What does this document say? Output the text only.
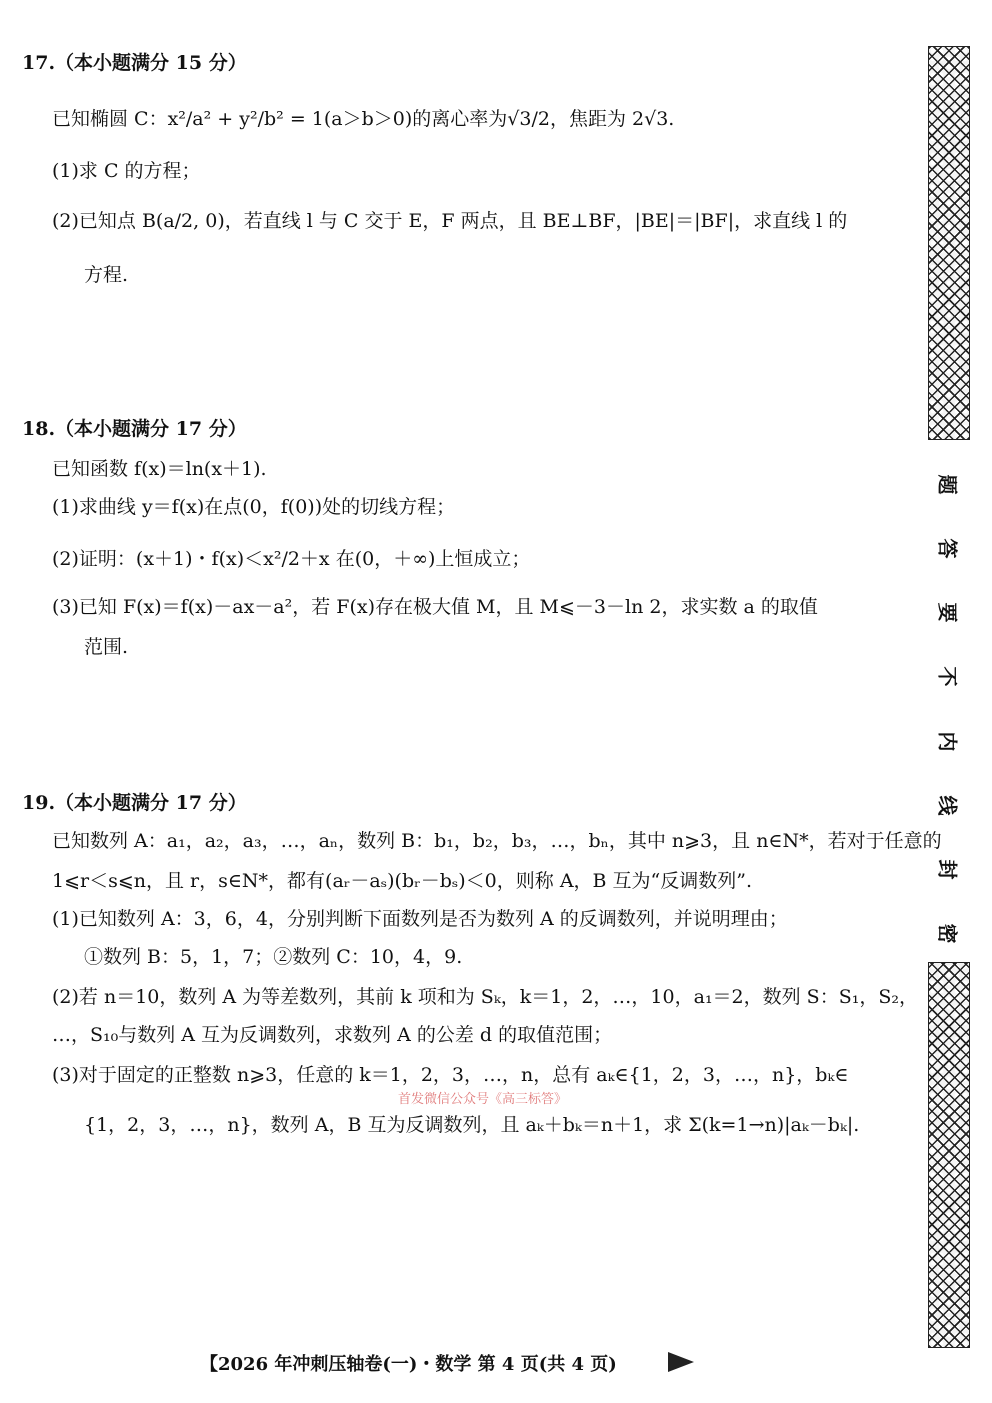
17.（本小题满分 15 分）
已知椭圆 C：x²/a² + y²/b² = 1(a＞b＞0)的离心率为√3/2，焦距为 2√3.
(1)求 C 的方程；
(2)已知点 B(a/2, 0)，若直线 l 与 C 交于 E，F 两点，且 BE⊥BF，|BE|＝|BF|，求直线 l 的
方程.
18.（本小题满分 17 分）
已知函数 f(x)＝ln(x＋1).
(1)求曲线 y＝f(x)在点(0，f(0))处的切线方程；
(2)证明：(x＋1)・f(x)＜x²/2＋x 在(0，＋∞)上恒成立；
(3)已知 F(x)＝f(x)－ax－a²，若 F(x)存在极大值 M，且 M⩽－3－ln 2，求实数 a 的取值
范围.
19.（本小题满分 17 分）
已知数列 A：a₁，a₂，a₃，…，aₙ，数列 B：b₁，b₂，b₃，…，bₙ，其中 n⩾3，且 n∈N*，若对于任意的
1⩽r＜s⩽n，且 r，s∈N*，都有(aᵣ－aₛ)(bᵣ－bₛ)＜0，则称 A，B 互为“反调数列”.
(1)已知数列 A：3，6，4，分别判断下面数列是否为数列 A 的反调数列，并说明理由；
①数列 B：5，1，7；②数列 C：10，4，9.
(2)若 n＝10，数列 A 为等差数列，其前 k 项和为 Sₖ，k＝1，2，…，10，a₁＝2，数列 S：S₁，S₂，
…，S₁₀与数列 A 互为反调数列，求数列 A 的公差 d 的取值范围；
(3)对于固定的正整数 n⩾3，任意的 k＝1，2，3，…，n，总有 aₖ∈{1，2，3，…，n}，bₖ∈
{1，2，3，…，n}，数列 A，B 互为反调数列，且 aₖ＋bₖ＝n＋1，求 Σ(k=1→n)|aₖ－bₖ|.
首发微信公众号《高三标答》
【2026 年冲刺压轴卷(一)・数学 第 4 页(共 4 页)
题
答
要
不
内
线
封
密
